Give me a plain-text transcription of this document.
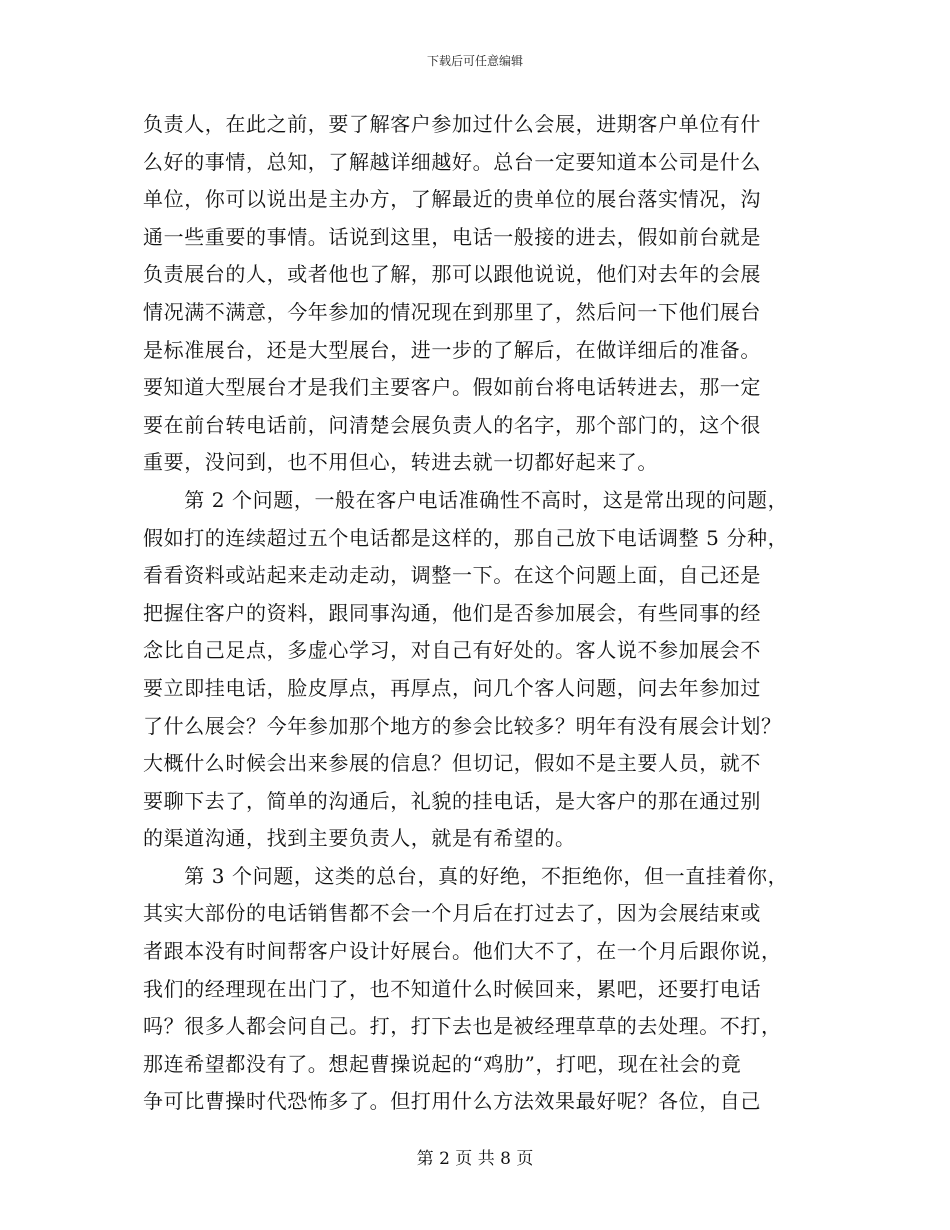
下载后可任意编辑
负责人，在此之前，要了解客户参加过什么会展，进期客户单位有什
么好的事情，总知，了解越详细越好。总台一定要知道本公司是什么
单位，你可以说出是主办方，了解最近的贵单位的展台落实情况，沟
通一些重要的事情。话说到这里，电话一般接的进去，假如前台就是
负责展台的人，或者他也了解，那可以跟他说说，他们对去年的会展
情况满不满意，今年参加的情况现在到那里了，然后问一下他们展台
是标准展台，还是大型展台，进一步的了解后，在做详细后的准备。
要知道大型展台才是我们主要客户。假如前台将电话转进去，那一定
要在前台转电话前，问清楚会展负责人的名字，那个部门的，这个很
重要，没问到，也不用但心，转进去就一切都好起来了。
　　第 2 个问题，一般在客户电话准确性不高时，这是常出现的问题，
假如打的连续超过五个电话都是这样的，那自己放下电话调整 5 分种，
看看资料或站起来走动走动，调整一下。在这个问题上面，自己还是
把握住客户的资料，跟同事沟通，他们是否参加展会，有些同事的经
念比自己足点，多虚心学习，对自己有好处的。客人说不参加展会不
要立即挂电话，脸皮厚点，再厚点，问几个客人问题，问去年参加过
了什么展会？今年参加那个地方的参会比较多？明年有没有展会计划？
大概什么时候会出来参展的信息？但切记，假如不是主要人员，就不
要聊下去了，简单的沟通后，礼貌的挂电话，是大客户的那在通过别
的渠道沟通，找到主要负责人，就是有希望的。
　　第 3 个问题，这类的总台，真的好绝，不拒绝你，但一直挂着你，
其实大部份的电话销售都不会一个月后在打过去了，因为会展结束或
者跟本没有时间帮客户设计好展台。他们大不了，在一个月后跟你说，
我们的经理现在出门了，也不知道什么时候回来，累吧，还要打电话
吗？很多人都会问自己。打，打下去也是被经理草草的去处理。不打，
那连希望都没有了。想起曹操说起的“鸡肋”，打吧，现在社会的竟
争可比曹操时代恐怖多了。但打用什么方法效果最好呢？各位，自己
第 2 页 共 8 页
